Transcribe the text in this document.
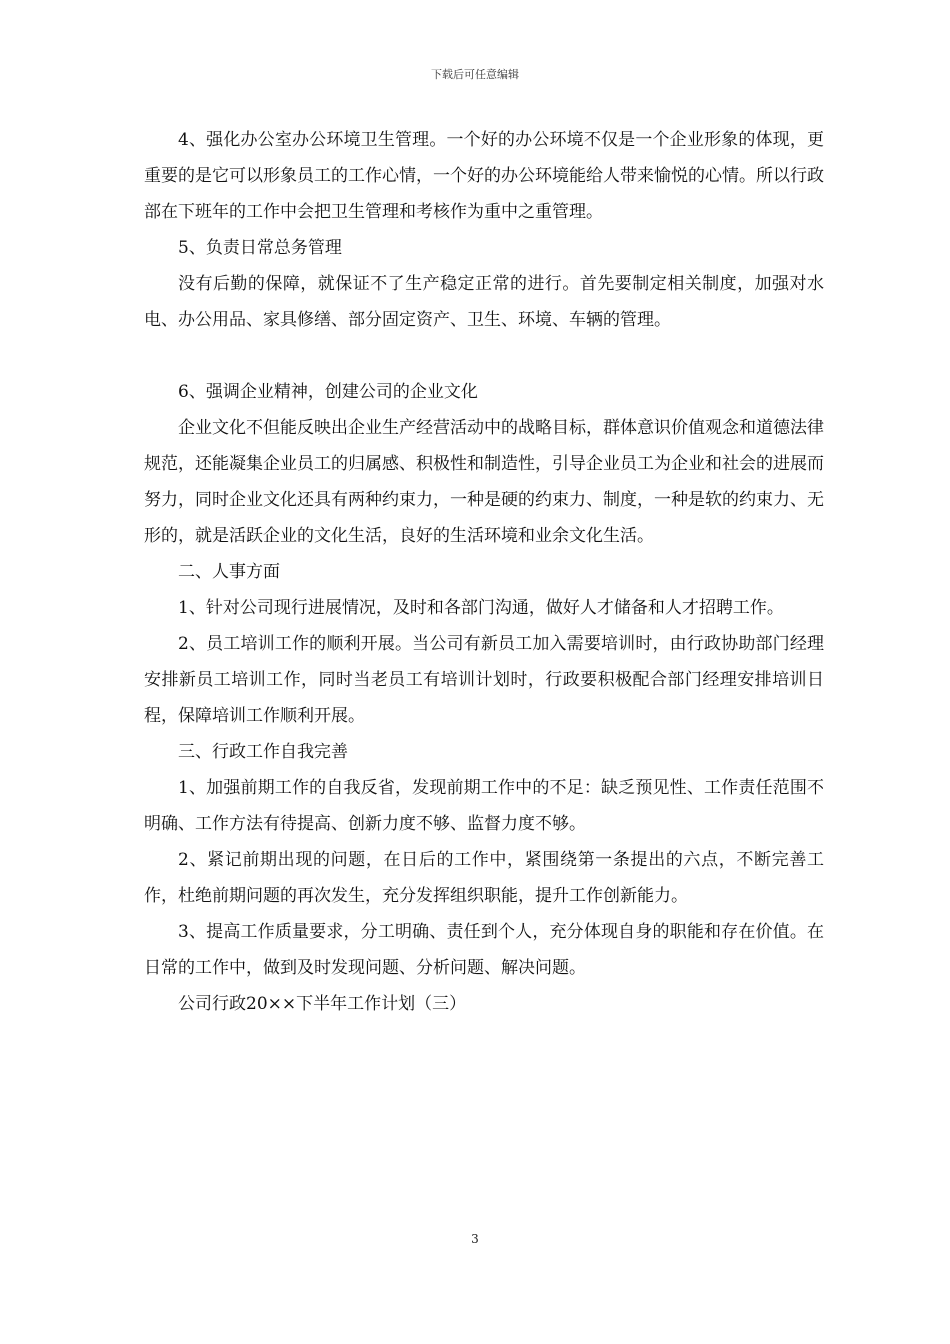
下载后可任意编辑

4、强化办公室办公环境卫生管理。一个好的办公环境不仅是一个企业形象的体现，更重要的是它可以形象员工的工作心情，一个好的办公环境能给人带来愉悦的心情。所以行政部在下班年的工作中会把卫生管理和考核作为重中之重管理。

5、负责日常总务管理

没有后勤的保障，就保证不了生产稳定正常的进行。首先要制定相关制度，加强对水电、办公用品、家具修缮、部分固定资产、卫生、环境、车辆的管理。

6、强调企业精神，创建公司的企业文化

企业文化不但能反映出企业生产经营活动中的战略目标，群体意识价值观念和道德法律规范，还能凝集企业员工的归属感、积极性和制造性，引导企业员工为企业和社会的进展而努力，同时企业文化还具有两种约束力，一种是硬的约束力、制度，一种是软的约束力、无形的，就是活跃企业的文化生活，良好的生活环境和业余文化生活。

二、人事方面

1、针对公司现行进展情况，及时和各部门沟通，做好人才储备和人才招聘工作。

2、员工培训工作的顺利开展。当公司有新员工加入需要培训时，由行政协助部门经理安排新员工培训工作，同时当老员工有培训计划时，行政要积极配合部门经理安排培训日程，保障培训工作顺利开展。

三、行政工作自我完善

1、加强前期工作的自我反省，发现前期工作中的不足：缺乏预见性、工作责任范围不明确、工作方法有待提高、创新力度不够、监督力度不够。

2、紧记前期出现的问题，在日后的工作中，紧围绕第一条提出的六点，不断完善工作，杜绝前期问题的再次发生，充分发挥组织职能，提升工作创新能力。

3、提高工作质量要求，分工明确、责任到个人，充分体现自身的职能和存在价值。在日常的工作中，做到及时发现问题、分析问题、解决问题。

公司行政20××下半年工作计划（三）

3
